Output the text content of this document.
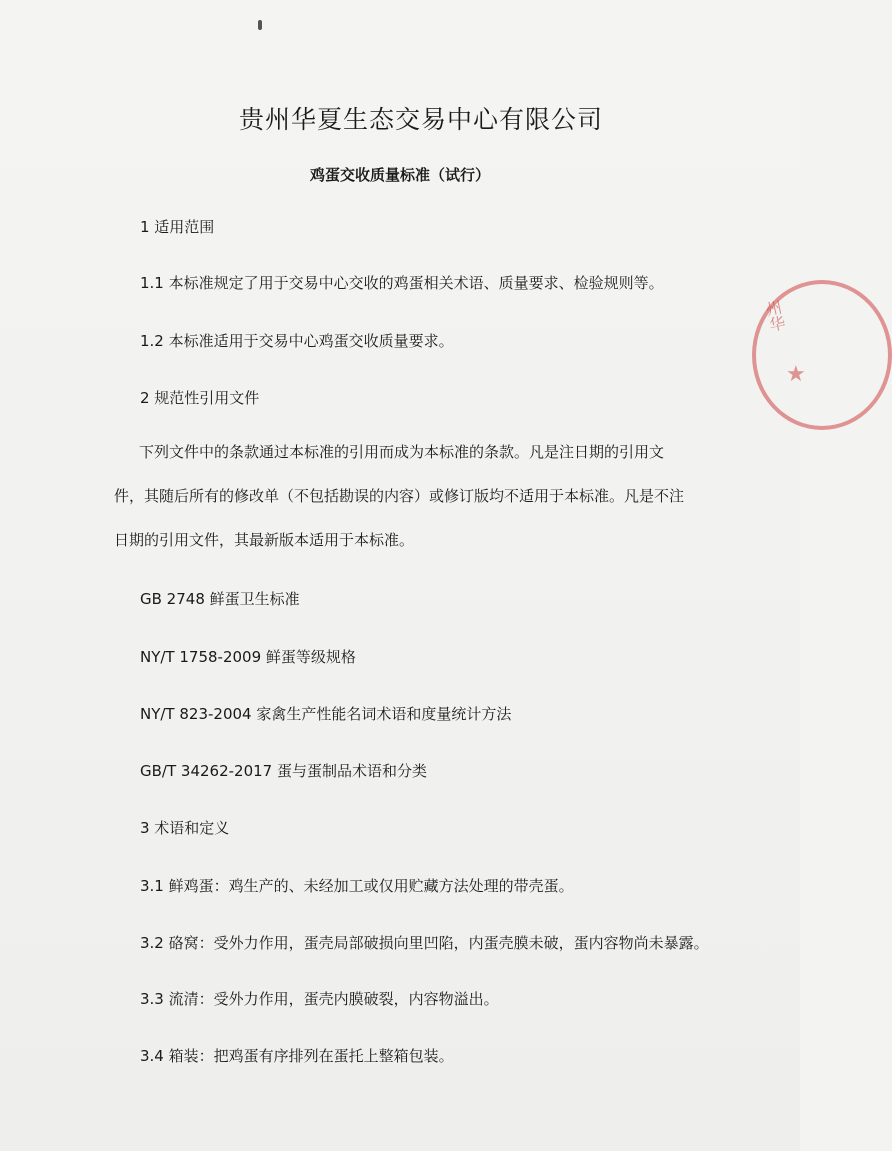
贵州华夏生态交易中心有限公司
鸡蛋交收质量标准（试行）
1 适用范围
1.1 本标准规定了用于交易中心交收的鸡蛋相关术语、质量要求、检验规则等。
1.2 本标准适用于交易中心鸡蛋交收质量要求。
2 规范性引用文件
下列文件中的条款通过本标准的引用而成为本标准的条款。凡是注日期的引用文件，其随后所有的修改单（不包括勘误的内容）或修订版均不适用于本标准。凡是不注日期的引用文件，其最新版本适用于本标准。
GB 2748 鲜蛋卫生标准
NY/T 1758-2009 鲜蛋等级规格
NY/T 823-2004 家禽生产性能名词术语和度量统计方法
GB/T 34262-2017 蛋与蛋制品术语和分类
3 术语和定义
3.1 鲜鸡蛋：鸡生产的、未经加工或仅用贮藏方法处理的带壳蛋。
3.2 硌窝：受外力作用，蛋壳局部破损向里凹陷，内蛋壳膜未破，蛋内容物尚未暴露。
3.3 流清：受外力作用，蛋壳内膜破裂，内容物溢出。
3.4 箱装：把鸡蛋有序排列在蛋托上整箱包装。
州华
★
